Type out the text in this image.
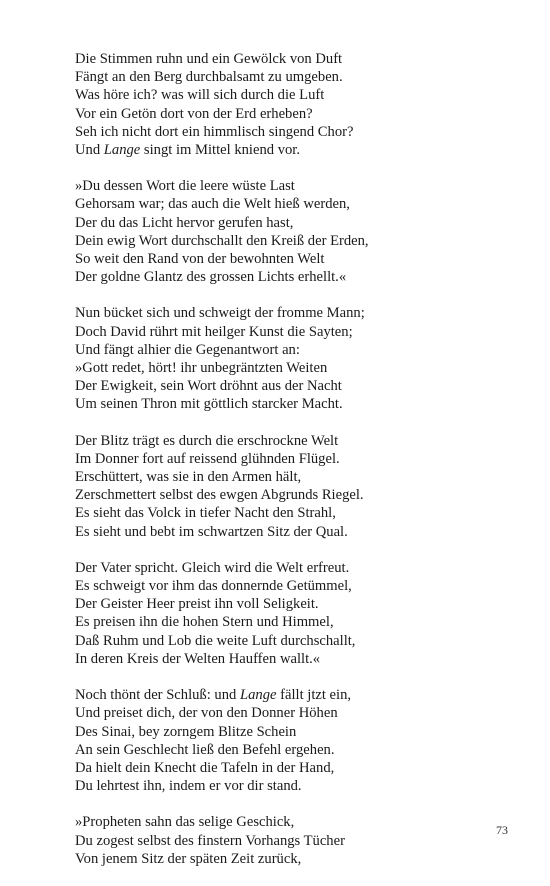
Die Stimmen ruhn und ein Gewölck von Duft
Fängt an den Berg durchbalsamt zu umgeben.
Was höre ich? was will sich durch die Luft
Vor ein Getön dort von der Erd erheben?
Seh ich nicht dort ein himmlisch singend Chor?
Und Lange singt im Mittel kniend vor.
»Du dessen Wort die leere wüste Last
Gehorsam war; das auch die Welt hieß werden,
Der du das Licht hervor gerufen hast,
Dein ewig Wort durchschallt den Kreiß der Erden,
So weit den Rand von der bewohnten Welt
Der goldne Glantz des grossen Lichts erhellt.«
Nun bücket sich und schweigt der fromme Mann;
Doch David rührt mit heilger Kunst die Sayten;
Und fängt alhier die Gegenantwort an:
»Gott redet, hört! ihr unbegräntzten Weiten
Der Ewigkeit, sein Wort dröhnt aus der Nacht
Um seinen Thron mit göttlich starcker Macht.
Der Blitz trägt es durch die erschrockne Welt
Im Donner fort auf reissend glühnden Flügel.
Erschüttert, was sie in den Armen hält,
Zerschmettert selbst des ewgen Abgrunds Riegel.
Es sieht das Volck in tiefer Nacht den Strahl,
Es sieht und bebt im schwartzen Sitz der Qual.
Der Vater spricht. Gleich wird die Welt erfreut.
Es schweigt vor ihm das donnernde Getümmel,
Der Geister Heer preist ihn voll Seligkeit.
Es preisen ihn die hohen Stern und Himmel,
Daß Ruhm und Lob die weite Luft durchschallt,
In deren Kreis der Welten Hauffen wallt.«
Noch thönt der Schluß: und Lange fällt jtzt ein,
Und preiset dich, der von den Donner Höhen
Des Sinai, bey zorngem Blitze Schein
An sein Geschlecht ließ den Befehl ergehen.
Da hielt dein Knecht die Tafeln in der Hand,
Du lehrtest ihn, indem er vor dir stand.
»Propheten sahn das selige Geschick,
Du zogest selbst des finstern Vorhangs Tücher
Von jenem Sitz der späten Zeit zurück,
73
